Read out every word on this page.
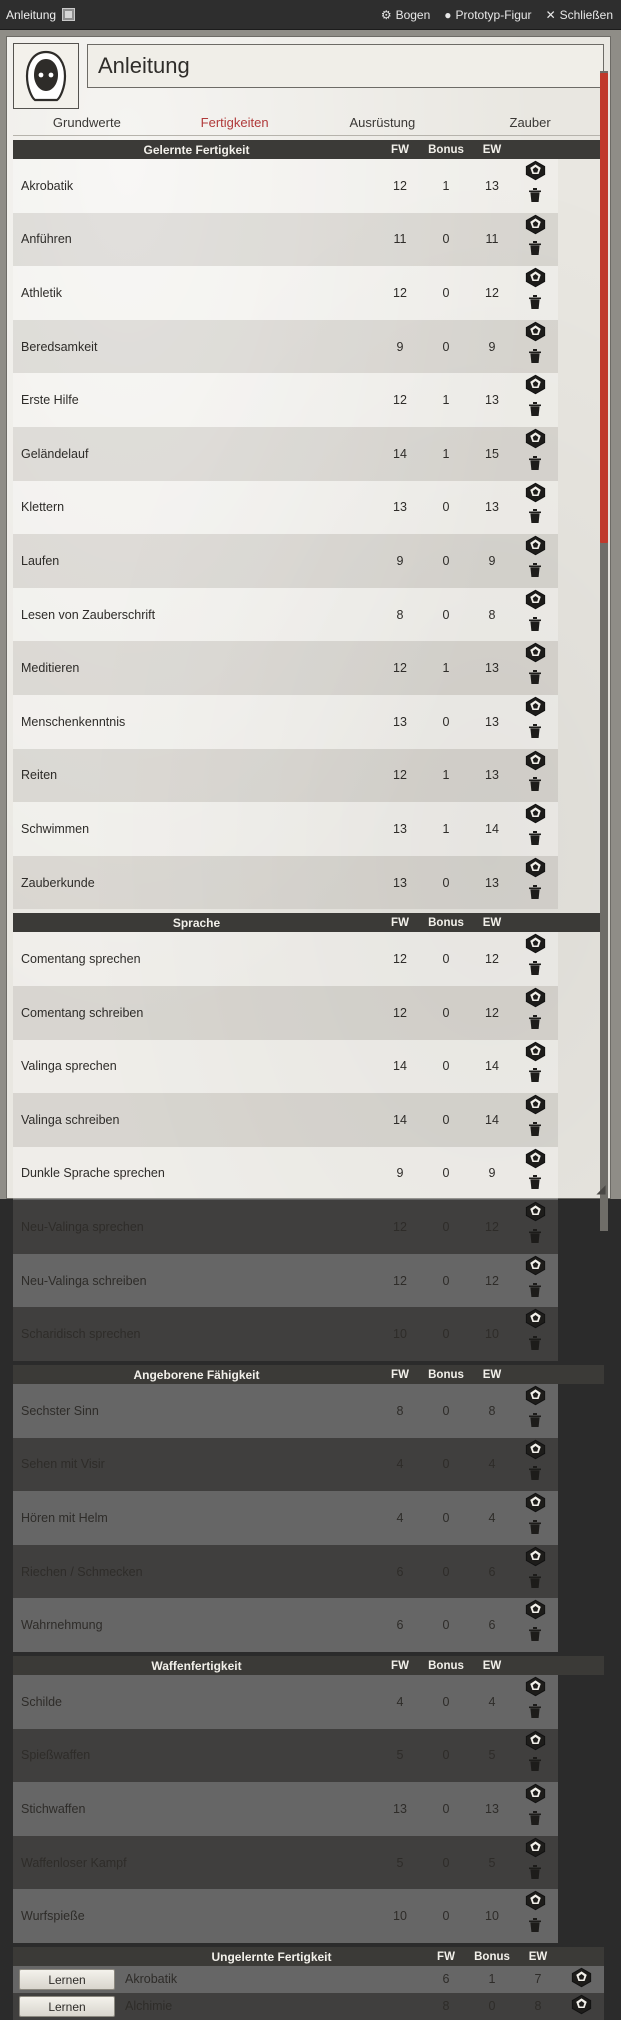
Anleitung	⚙ Bogen ● Prototyp-Figur ✕ Schließen
Anleitung
Grundwerte	Fertigkeiten	Ausrüstung	Zauber
Gelernte Fertigkeit	FW	Bonus	EW		
Akrobatik	12	1	13	
Anführen	11	0	11	
Athletik	12	0	12	
Beredsamkeit	9	0	9	
Erste Hilfe	12	1	13	
Geländelauf	14	1	15	
Klettern	13	0	13	
Laufen	9	0	9	
Lesen von Zauberschrift	8	0	8	
Meditieren	12	1	13	
Menschenkenntnis	13	0	13	
Reiten	12	1	13	
Schwimmen	13	1	14	
Zauberkunde	13	0	13	
Sprache	FW	Bonus	EW		
Comentang sprechen	12	0	12	
Comentang schreiben	12	0	12	
Valinga sprechen	14	0	14	
Valinga schreiben	14	0	14	
Dunkle Sprache sprechen	9	0	9	
Neu-Valinga sprechen	12	0	12	
Neu-Valinga schreiben	12	0	12	
Scharidisch sprechen	10	0	10	
Angeborene Fähigkeit	FW	Bonus	EW		
Sechster Sinn	8	0	8	
Sehen mit Visir	4	0	4	
Hören mit Helm	4	0	4	
Riechen / Schmecken	6	0	6	
Wahrnehmung	6	0	6	
Waffenfertigkeit	FW	Bonus	EW		
Schilde	4	0	4	
Spießwaffen	5	0	5	
Stichwaffen	13	0	13	
Waffenloser Kampf	5	0	5	
Wurfspieße	10	0	10	
	Ungelernte Fertigkeit	FW	Bonus	EW	

Lernen	Akrobatik	6	1	7	

Lernen	Alchimie	8	0	8	
◢
